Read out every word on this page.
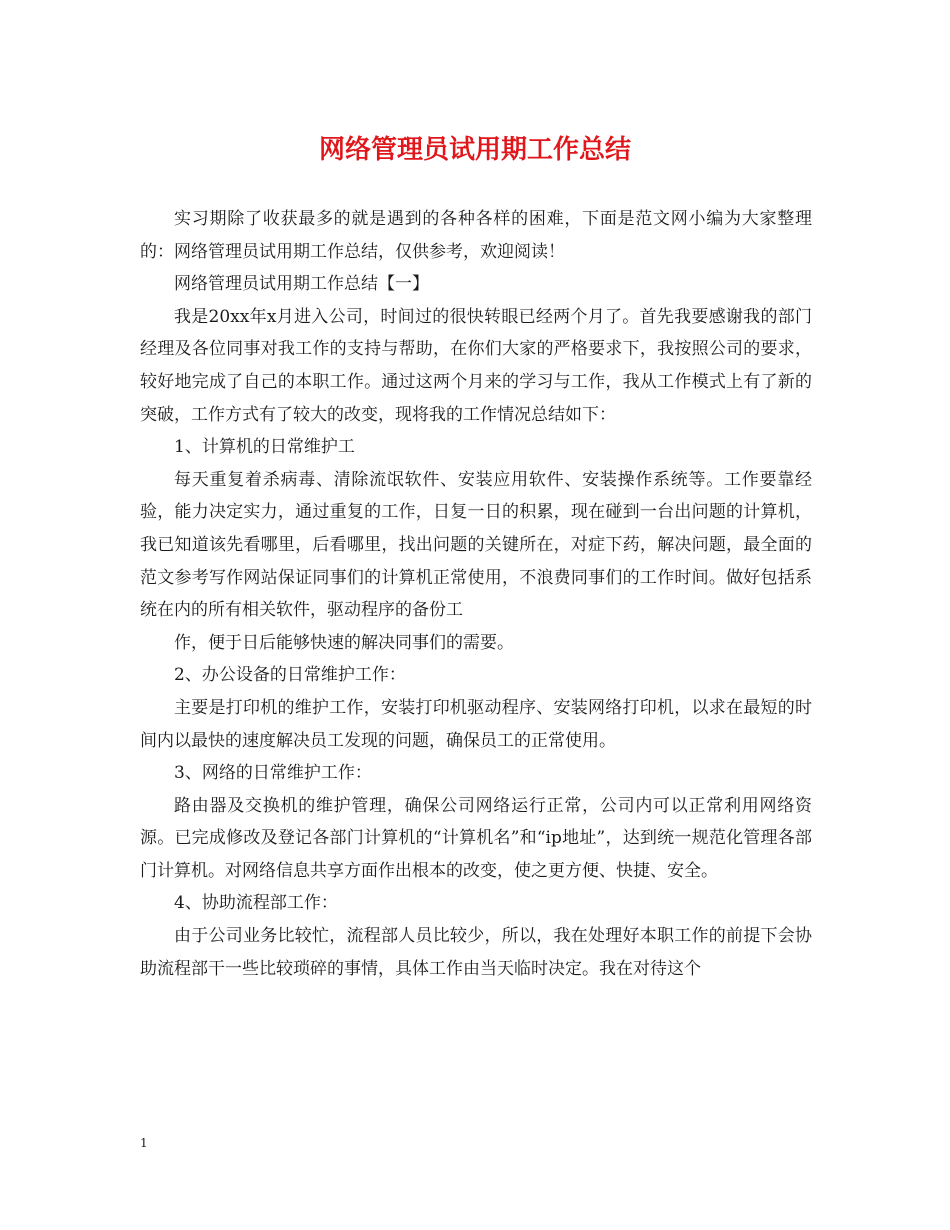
网络管理员试用期工作总结

实习期除了收获最多的就是遇到的各种各样的困难，下面是范文网小编为大家整理的：网络管理员试用期工作总结，仅供参考，欢迎阅读！

网络管理员试用期工作总结【一】

我是20xx年x月进入公司，时间过的很快转眼已经两个月了。首先我要感谢我的部门经理及各位同事对我工作的支持与帮助，在你们大家的严格要求下，我按照公司的要求，较好地完成了自己的本职工作。通过这两个月来的学习与工作，我从工作模式上有了新的突破，工作方式有了较大的改变，现将我的工作情况总结如下：

1、计算机的日常维护工

每天重复着杀病毒、清除流氓软件、安装应用软件、安装操作系统等。工作要靠经验，能力决定实力，通过重复的工作，日复一日的积累，现在碰到一台出问题的计算机，我已知道该先看哪里，后看哪里，找出问题的关键所在，对症下药，解决问题，最全面的范文参考写作网站保证同事们的计算机正常使用，不浪费同事们的工作时间。做好包括系统在内的所有相关软件，驱动程序的备份工

作，便于日后能够快速的解决同事们的需要。

2、办公设备的日常维护工作：

主要是打印机的维护工作，安装打印机驱动程序、安装网络打印机，以求在最短的时间内以最快的速度解决员工发现的问题，确保员工的正常使用。

3、网络的日常维护工作：

路由器及交换机的维护管理，确保公司网络运行正常，公司内可以正常利用网络资源。已完成修改及登记各部门计算机的“计算机名”和“ip地址”，达到统一规范化管理各部门计算机。对网络信息共享方面作出根本的改变，使之更方便、快捷、安全。

4、协助流程部工作：

由于公司业务比较忙，流程部人员比较少，所以，我在处理好本职工作的前提下会协助流程部干一些比较琐碎的事情，具体工作由当天临时决定。我在对待这个

1
